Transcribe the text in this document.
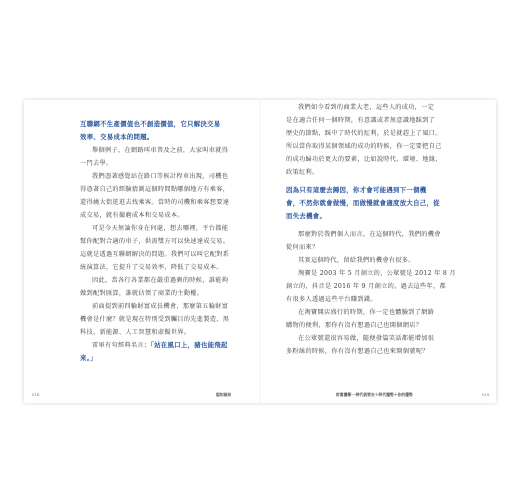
互聯網不生產價值也不創造價值，它只解決交易
效率、交易成本的問題。
舉個例子，在網路叫車普及之前，大家叫車就得
一門去學。
我們憑著感覺站在路口等候計程車出現，司機也
得憑著自己的經驗猜測這個時間點哪個地方有乘客，
還得繞大街逛逛去找乘客。當時的司機和乘客想要達
成交易，就有撮磨成本和交易成本。
可是今天無論你身在何處，想去哪裡，平台都能
幫你配對合適的車子，供需雙方可以快速達成交易。
這就是透過互聯網解決的問題。我們可以叫它配對系
統演算法，它提升了交易效率，降低了交易成本。
因此，當各行各業都在嚴重過剩的時候，誰能夠
做到配對匯算，誰就佔領了商業的主動權。
前面提到前四輪財富成長機會，那麼第五輪財富
機會是什麼？就是現在特別受到矚目的先進製造、黑
科技、新能源、人工智慧和虛擬世界。
雷軍有句經典名言：「站在風口上，豬也能飛起
來。」
018	認知破局
我們如今看到的商業大老，這些人的成功，一定
是在適合任何一個時期，有意識或者無意識地踩到了
歷史的節點，踩中了時代的紅利，於是就趕上了風口。
所以當你取得某個領域的成功的時候，你一定要把自己
的成功歸功於更大的要素，比如說時代、環境、地緣、
政策紅利。
因為只有這麼去歸因，你才會可能遇到下一個機
會，不然你就會做慢，而做慢就會適度放大自己，從
而失去機會。
那麼對於我們個人而言，在這個時代，我們的機會
從何而來？
其實這個時代，留給我們的機會有很多。
淘寶是 2003 年 5 月創立的，公眾號是 2012 年 8 月
創立的，抖音是 2016 年 9 月創立的。過去這些年，都
有很多人透過這些平台賺到錢。
在淘寶開店盛行的時期，你一定也體驗到了網路
購物的便利，那你有沒有想過自己也開個網店？
在公眾號還很容易做，隨便發篇笑話都能增加很
多粉絲的時候，你有沒有想過自己也來開個號呢？
財富護衛──時代就要去＋時代趨勢＋你的優勢	019
